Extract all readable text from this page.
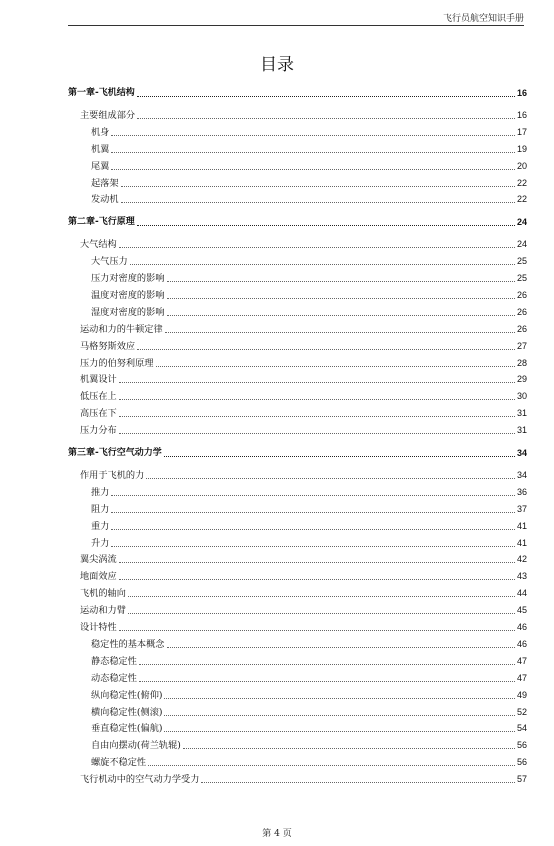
飞行员航空知识手册
目录
第一章-飞机结构	16
主要组成部分	16
机身	17
机翼	19
尾翼	20
起落架	22
发动机	22
第二章-飞行原理	24
大气结构	24
大气压力	25
压力对密度的影响	25
温度对密度的影响	26
湿度对密度的影响	26
运动和力的牛顿定律	26
马格努斯效应	27
压力的伯努利原理	28
机翼设计	29
低压在上	30
高压在下	31
压力分布	31
第三章-飞行空气动力学	34
作用于飞机的力	34
推力	36
阻力	37
重力	41
升力	41
翼尖涡流	42
地面效应	43
飞机的轴向	44
运动和力臂	45
设计特性	46
稳定性的基本概念	46
静态稳定性	47
动态稳定性	47
纵向稳定性(俯仰)	49
横向稳定性(侧滚)	52
垂直稳定性(偏航)	54
自由向摆动(荷兰轨辊)	56
螺旋不稳定性	56
飞行机动中的空气动力学受力	57
第 4 页
